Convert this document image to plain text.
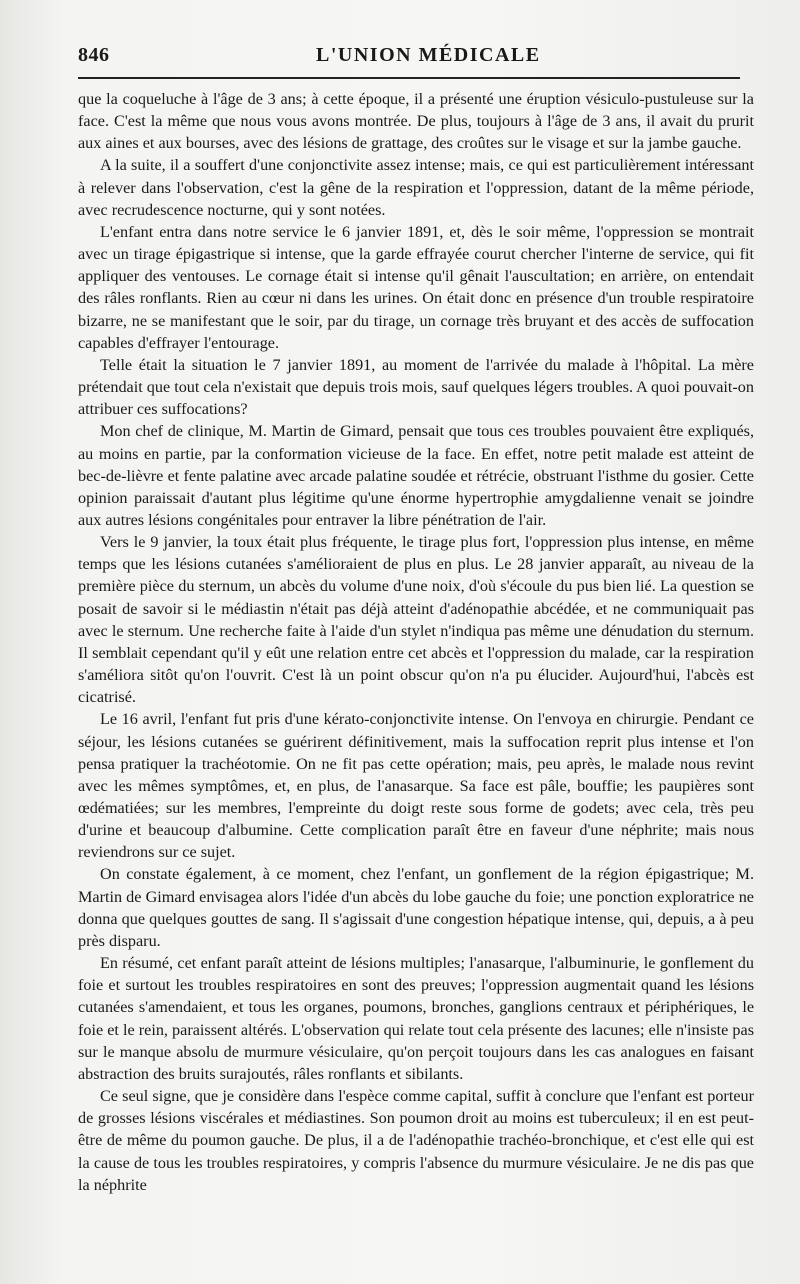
846	L'UNION MÉDICALE

que la coqueluche à l'âge de 3 ans; à cette époque, il a présenté une éruption vésiculo-pustuleuse sur la face. C'est la même que nous vous avons montrée. De plus, toujours à l'âge de 3 ans, il avait du prurit aux aines et aux bourses, avec des lésions de grattage, des croûtes sur le visage et sur la jambe gauche.

A la suite, il a souffert d'une conjonctivite assez intense; mais, ce qui est particulièrement intéressant à relever dans l'observation, c'est la gêne de la respiration et l'oppression, datant de la même période, avec recrudescence nocturne, qui y sont notées.

L'enfant entra dans notre service le 6 janvier 1891, et, dès le soir même, l'oppression se montrait avec un tirage épigastrique si intense, que la garde effrayée courut chercher l'interne de service, qui fit appliquer des ventouses. Le cornage était si intense qu'il gênait l'auscultation; en arrière, on entendait des râles ronflants. Rien au cœur ni dans les urines. On était donc en présence d'un trouble respiratoire bizarre, ne se manifestant que le soir, par du tirage, un cornage très bruyant et des accès de suffocation capables d'effrayer l'entourage.

Telle était la situation le 7 janvier 1891, au moment de l'arrivée du malade à l'hôpital. La mère prétendait que tout cela n'existait que depuis trois mois, sauf quelques légers troubles. A quoi pouvait-on attribuer ces suffocations?

Mon chef de clinique, M. Martin de Gimard, pensait que tous ces troubles pouvaient être expliqués, au moins en partie, par la conformation vicieuse de la face. En effet, notre petit malade est atteint de bec-de-lièvre et fente palatine avec arcade palatine soudée et rétrécie, obstruant l'isthme du gosier. Cette opinion paraissait d'autant plus légitime qu'une énorme hypertrophie amygdalienne venait se joindre aux autres lésions congénitales pour entraver la libre pénétration de l'air.

Vers le 9 janvier, la toux était plus fréquente, le tirage plus fort, l'oppression plus intense, en même temps que les lésions cutanées s'amélioraient de plus en plus. Le 28 janvier apparaît, au niveau de la première pièce du sternum, un abcès du volume d'une noix, d'où s'écoule du pus bien lié. La question se posait de savoir si le médiastin n'était pas déjà atteint d'adénopathie abcédée, et ne communiquait pas avec le sternum. Une recherche faite à l'aide d'un stylet n'indiqua pas même une dénudation du sternum. Il semblait cependant qu'il y eût une relation entre cet abcès et l'oppression du malade, car la respiration s'améliora sitôt qu'on l'ouvrit. C'est là un point obscur qu'on n'a pu élucider. Aujourd'hui, l'abcès est cicatrisé.

Le 16 avril, l'enfant fut pris d'une kérato-conjonctivite intense. On l'envoya en chirurgie. Pendant ce séjour, les lésions cutanées se guérirent définitivement, mais la suffocation reprit plus intense et l'on pensa pratiquer la trachéotomie. On ne fit pas cette opération; mais, peu après, le malade nous revint avec les mêmes symptômes, et, en plus, de l'anasarque. Sa face est pâle, bouffie; les paupières sont œdématiées; sur les membres, l'empreinte du doigt reste sous forme de godets; avec cela, très peu d'urine et beaucoup d'albumine. Cette complication paraît être en faveur d'une néphrite; mais nous reviendrons sur ce sujet.

On constate également, à ce moment, chez l'enfant, un gonflement de la région épigastrique; M. Martin de Gimard envisagea alors l'idée d'un abcès du lobe gauche du foie; une ponction exploratrice ne donna que quelques gouttes de sang. Il s'agissait d'une congestion hépatique intense, qui, depuis, a à peu près disparu.

En résumé, cet enfant paraît atteint de lésions multiples; l'anasarque, l'albuminurie, le gonflement du foie et surtout les troubles respiratoires en sont des preuves; l'oppression augmentait quand les lésions cutanées s'amendaient, et tous les organes, poumons, bronches, ganglions centraux et périphériques, le foie et le rein, paraissent altérés. L'observation qui relate tout cela présente des lacunes; elle n'insiste pas sur le manque absolu de murmure vésiculaire, qu'on perçoit toujours dans les cas analogues en faisant abstraction des bruits surajoutés, râles ronflants et sibilants.

Ce seul signe, que je considère dans l'espèce comme capital, suffit à conclure que l'enfant est porteur de grosses lésions viscérales et médiastines. Son poumon droit au moins est tuberculeux; il en est peut-être de même du poumon gauche. De plus, il a de l'adénopathie trachéo-bronchique, et c'est elle qui est la cause de tous les troubles respiratoires, y compris l'absence du murmure vésiculaire. Je ne dis pas que la néphrite
